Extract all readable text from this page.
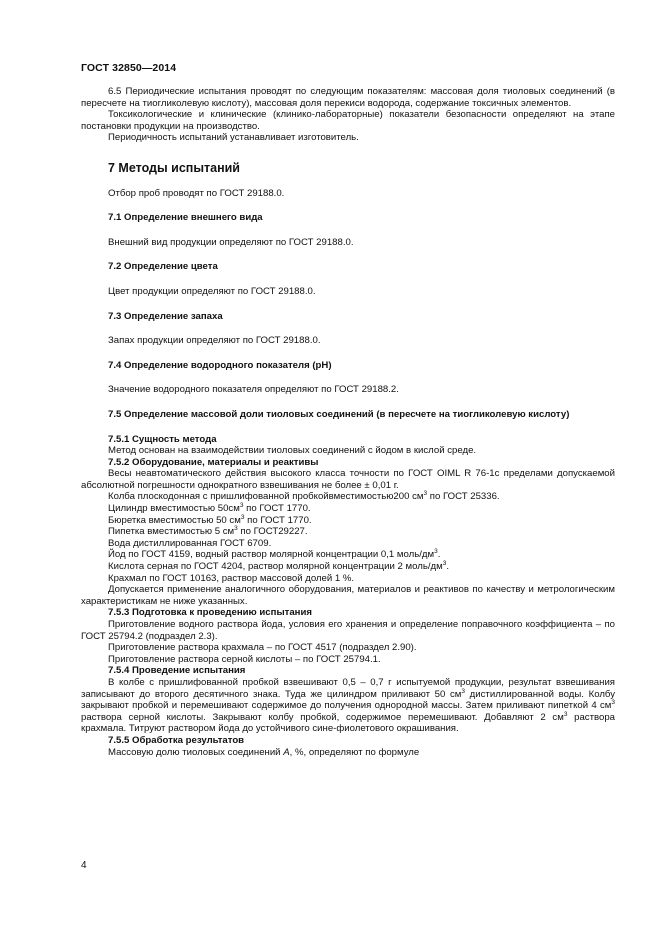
ГОСТ 32850—2014

6.5 Периодические испытания проводят по следующим показателям: массовая доля тиоловых соединений (в пересчете на тиогликолевую кислоту), массовая доля перекиси водорода, содержание токсичных элементов.

Токсикологические и клинические (клинико-лабораторные) показатели безопасности определяют на этапе постановки продукции на производство.

Периодичность испытаний устанавливает изготовитель.

7 Методы испытаний

Отбор проб проводят по ГОСТ 29188.0.

7.1 Определение внешнего вида

Внешний вид продукции определяют по ГОСТ 29188.0.

7.2 Определение цвета

Цвет продукции определяют по ГОСТ 29188.0.

7.3 Определение запаха

Запах продукции определяют по ГОСТ 29188.0.

7.4 Определение водородного показателя (pH)

Значение водородного показателя определяют по ГОСТ 29188.2.

7.5 Определение массовой доли тиоловых соединений (в пересчете на тиогликолевую кислоту)
7.5.1 Сущность метода

Метод основан на взаимодействии тиоловых соединений с йодом в кислой среде.

7.5.2 Оборудование, материалы и реактивы

Весы неавтоматического действия высокого класса точности по ГОСТ OIML R 76-1с пределами допускаемой абсолютной погрешности однократного взвешивания не более ± 0,01 г.

Колба плоскодонная с пришлифованной пробкойвместимостью200 $см^3$ по ГОСТ 25336.

Цилиндр вместимостью $50см^3$ по ГОСТ 1770.

Бюретка вместимостью 50 $см^3$ по ГОСТ 1770.

Пипетка вместимостью 5 $см^3$ по ГОСТ29227.

Вода дистиллированная ГОСТ 6709.

Йод по ГОСТ 4159, водный раствор молярной концентрации 0,1 моль/$дм^3$.

Кислота серная по ГОСТ 4204, раствор молярной концентрации 2 моль/$дм^3$.

Крахмал по ГОСТ 10163, раствор массовой долей 1 %.

Допускается применение аналогичного оборудования, материалов и реактивов по качеству и метрологическим характеристикам не ниже указанных.

7.5.3 Подготовка к проведению испытания

Приготовление водного раствора йода, условия его хранения и определение поправочного коэффициента – по ГОСТ 25794.2 (подраздел 2.3).

Приготовление раствора крахмала – по ГОСТ 4517 (подраздел 2.90).

Приготовление раствора серной кислоты – по ГОСТ 25794.1.

7.5.4 Проведение испытания

В колбе с пришлифованной пробкой взвешивают 0,5 – 0,7 г испытуемой продукции, результат взвешивания записывают до второго десятичного знака. Туда же цилиндром приливают 50 $см^3$ дистиллированной воды. Колбу закрывают пробкой и перемешивают содержимое до получения однородной массы. Затем приливают пипеткой 4 $см^3$ раствора серной кислоты. Закрывают колбу пробкой, содержимое перемешивают. Добавляют 2 $см^3$ раствора крахмала. Титруют раствором йода до устойчивого сине-фиолетового окрашивания.

7.5.5 Обработка результатов

Массовую долю тиоловых соединений А, %, определяют по формуле

4
